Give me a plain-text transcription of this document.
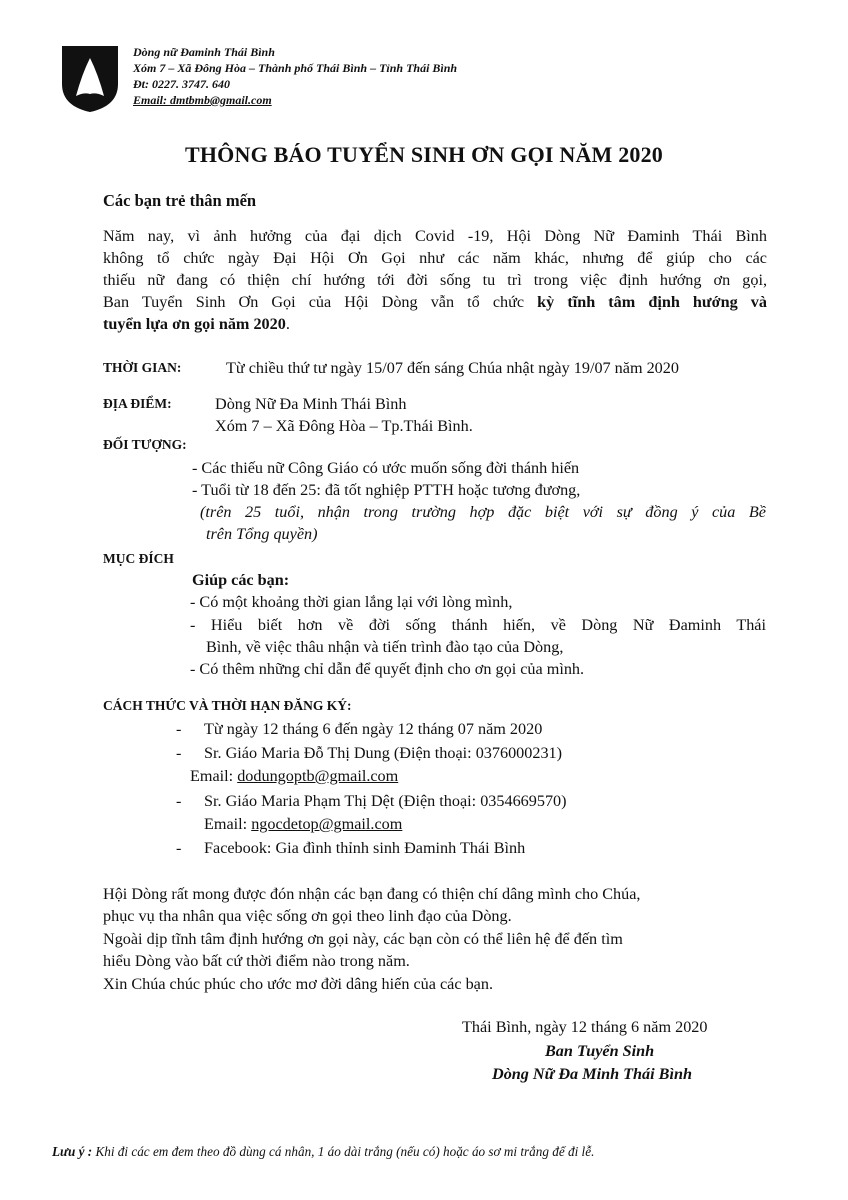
Dòng nữ Đaminh Thái Bình
Xóm 7 – Xã Đông Hòa – Thành phố Thái Bình – Tỉnh Thái Bình
Đt: 0227. 3747. 640
Email: dmtbmb@gmail.com
THÔNG BÁO TUYỂN SINH ƠN GỌI NĂM 2020
Các bạn trẻ thân mến
Năm nay, vì ảnh hưởng của đại dịch Covid -19, Hội Dòng Nữ Đaminh Thái Bình
không tổ chức ngày Đại Hội Ơn Gọi như các năm khác, nhưng để giúp cho các
thiếu nữ đang có thiện chí hướng tới đời sống tu trì trong việc định hướng ơn gọi,
Ban Tuyển Sinh Ơn Gọi của Hội Dòng vẫn tổ chức kỳ tĩnh tâm định hướng và
tuyển lựa ơn gọi năm 2020.
THỜI GIAN:	Từ chiều thứ tư ngày 15/07 đến sáng Chúa nhật ngày 19/07 năm 2020
ĐỊA ĐIỂM:	Dòng Nữ Đa Minh Thái Bình
Xóm 7 – Xã Đông Hòa – Tp.Thái Bình.
ĐỐI TƯỢNG:
- Các thiếu nữ Công Giáo có ước muốn sống đời thánh hiến
- Tuổi từ 18 đến 25: đã tốt nghiệp PTTH hoặc tương đương,
(trên 25 tuổi, nhận trong trường hợp đặc biệt với sự đồng ý của Bề
trên Tổng quyền)
MỤC ĐÍCH
Giúp các bạn:
- Có một khoảng thời gian lắng lại với lòng mình,
- Hiểu biết hơn về đời sống thánh hiến, về Dòng Nữ Đaminh Thái
Bình, về việc thâu nhận và tiến trình đào tạo của Dòng,
- Có thêm những chỉ dẫn để quyết định cho ơn gọi của mình.
CÁCH THỨC VÀ THỜI HẠN ĐĂNG KÝ:
- Từ ngày 12 tháng 6 đến ngày 12 tháng 07 năm 2020
- Sr. Giáo Maria Đỗ Thị Dung (Điện thoại: 0376000231)
Email: dodungoptb@gmail.com
- Sr. Giáo Maria Phạm Thị Dệt (Điện thoại: 0354669570)
Email: ngocdetop@gmail.com
- Facebook: Gia đình thỉnh sinh Đaminh Thái Bình
Hội Dòng rất mong được đón nhận các bạn đang có thiện chí dâng mình cho Chúa,
phục vụ tha nhân qua việc sống ơn gọi theo linh đạo của Dòng.
Ngoài dịp tĩnh tâm định hướng ơn gọi này, các bạn còn có thể liên hệ để đến tìm
hiểu Dòng vào bất cứ thời điểm nào trong năm.
Xin Chúa chúc phúc cho ước mơ đời dâng hiến của các bạn.
Thái Bình, ngày 12 tháng 6 năm 2020
Ban Tuyển Sinh
Dòng Nữ Đa Minh Thái Bình
Lưu ý : Khi đi các em đem theo đồ dùng cá nhân, 1 áo dài trắng (nếu có) hoặc áo sơ mi trắng để đi lễ.
